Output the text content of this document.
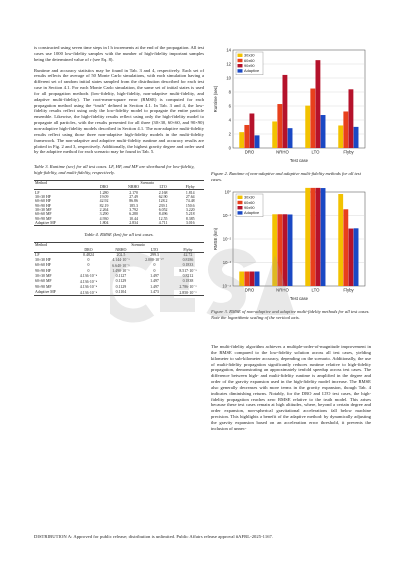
is constructed using seven time steps in l h increments at the end of the propagation. All test cases use 1000 low-fidelity samples with the number of high-fidelity important samples being the determined value of r (see Eq. 8).

Runtime and accuracy statistics may be found in Tab. 3 and 4, respectively. Each set of results reflects the average of 50 Monte Carlo simulations, with each simulation having a different set of random initial states sampled from the distribution described for each test case in Section 4.1. For each Monte Carlo simulation, the same set of initial states is used for all propagation methods (low-fidelity, high-fidelity, non-adaptive multi-fidelity, and adaptive multi-fidelity). The root-mean-square error (RMSE) is computed for each propagation method using the “truth” defined in Section 4.1. In Tab. 3 and 4, the low-fidelity results reflect using only the low-fidelity model to propagate the entire particle ensemble. Likewise, the high-fidelity results reflect using only the high-fidelity model to propagate all particles, with the results presented for all three (30×30, 60×60, and 90×90) non-adaptive high-fidelity models described in Section 4.1. The non-adaptive multi-fidelity results reflect using those three non-adaptive high-fidelity models in the multi-fidelity framework. The non-adaptive and adaptive multi-fidelity runtime and accuracy results are plotted in Fig. 2 and 3, respectively. Additionally, the highest gravity degree and order used by the adaptive method for each scenario may be found in Tab. 5.

Table 3. Runtime (sec) for all test cases. LF, HF, and MF are shorthand for low-fidelity, high-fidelity, and multi-fidelity, respectively.

Method	Scenario			
	DRO	NRHO	LTO	Flyby
LF	1.280	2.170	2.168	1.814
30×30 HF	19.09	27.49	62.90	27.64
60×60 HF	42.92	86.86	128.2	74.48
90×90 HF	82.19	185.3	239.1	150.6
30×30 MF	2.264	3.792	6.052	3.220
60×60 MF	3.290	6.280	8.496	5.218
90×90 MF	4.930	10.44	12.55	8.385
Adaptive MF	1.804	2.834	4.711	3.016

Table 4. RMSE (km) for all test cases.

Method	Scenario			
	DRO	NRHO	LTO	Flyby
LF	0.4824	202.5	299.3	42.72
30×30 HF	0	4.144·10⁻³	2.000·10⁻¹⁰	0.8186
60×60 HF	0	6.640·10⁻⁵	0	0.1833
90×90 HF	0	1.490·10⁻⁵	0	8.517·10⁻³
30×30 MF	4.136·10⁻⁴	0.1127	1.497	0.8212
60×60 MF	4.136·10⁻⁴	0.1129	1.497	0.1838
90×90 MF	4.136·10⁻⁴	0.1129	1.497	2.786·10⁻²
Adaptive MF	4.136·10⁻⁴	0.1104	1.473	2.850·10⁻²
0
2
4
6
8
10
12
14
DRO	NRHO	LTO	Flyby
Test case
Runtime (sec)
30x30
60x60
90x90
Adaptive

Figure 2. Runtime of non-adaptive and adaptive multi-fidelity methods for all test cases.

10⁻⁴
10⁻³
10⁻²
10⁻¹
10⁰
DRO	NRHO	LTO	Flyby
Test case
RMSE (km)
30x30
60x60
90x90
Adaptive

Figure 3. RMSE of non-adaptive and adaptive multi-fidelity methods for all test cases. Note the logarithmic scaling of the vertical axis.

The multi-fidelity algorithm achieves a multiple-order-of-magnitude improvement in the RMSE compared to the low-fidelity solution across all test cases, yielding kilometer to sub-kilometer accuracy, depending on the scenario. Additionally, the use of multi-fidelity propagation significantly reduces runtime relative to high-fidelity propagation, demonstrating an approximately tenfold speedup across test cases. The difference between high- and multi-fidelity runtime is amplified in the degree and order of the gravity expansion used in the high-fidelity model increase. The RMSE also generally decreases with more terms in the gravity expansion, though Tab. 4 indicates diminishing returns. Notably, for the DRO and LTO test cases, the high-fidelity propagation reaches zero RMSE relative to the truth model. This arises because these test cases remain at high altitudes, where, beyond a certain degree and order expansion, non-spherical gravitational accelerations fall below machine precision. This highlights a benefit of the adaptive method: by dynamically adjusting the gravity expansion based on an acceleration error threshold, it prevents the inclusion of unnec-

DISTRIBUTION A: Approved for public release; distribution is unlimited. Public Affairs release approval #AFRL-2025-1167.
